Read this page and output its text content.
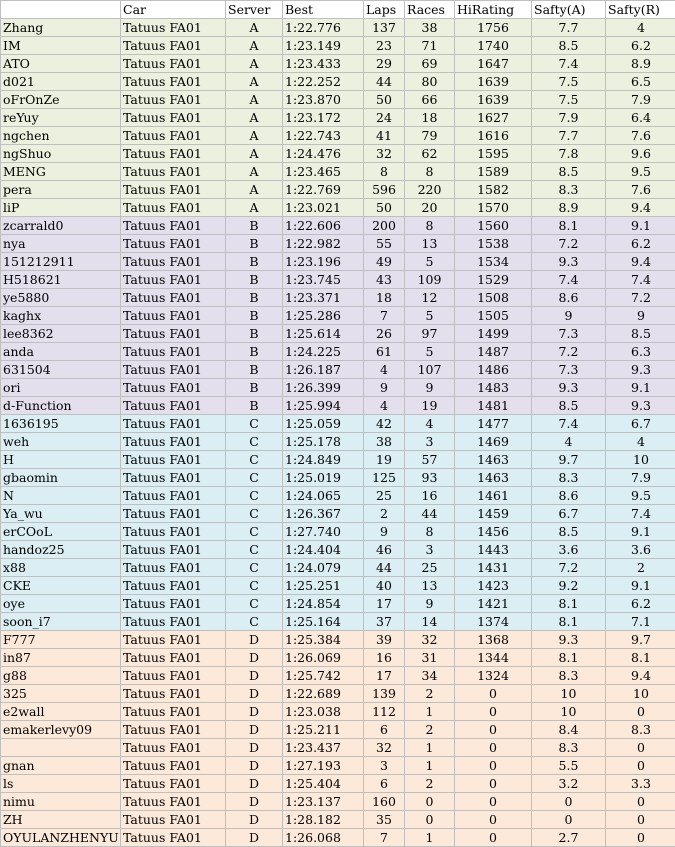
	Car	Server	Best	Laps	Races	HiRating	Safty(A)	Safty(R)
Zhang	Tatuus FA01	A	1:22.776	137	38	1756	7.7	4
IM	Tatuus FA01	A	1:23.149	23	71	1740	8.5	6.2
ATO	Tatuus FA01	A	1:23.433	29	69	1647	7.4	8.9
d021	Tatuus FA01	A	1:22.252	44	80	1639	7.5	6.5
oFrOnZe	Tatuus FA01	A	1:23.870	50	66	1639	7.5	7.9
reYuy	Tatuus FA01	A	1:23.172	24	18	1627	7.9	6.4
ngchen	Tatuus FA01	A	1:22.743	41	79	1616	7.7	7.6
ngShuo	Tatuus FA01	A	1:24.476	32	62	1595	7.8	9.6
MENG	Tatuus FA01	A	1:23.465	8	8	1589	8.5	9.5
pera	Tatuus FA01	A	1:22.769	596	220	1582	8.3	7.6
liP	Tatuus FA01	A	1:23.021	50	20	1570	8.9	9.4
zcarrald0	Tatuus FA01	B	1:22.606	200	8	1560	8.1	9.1
nya	Tatuus FA01	B	1:22.982	55	13	1538	7.2	6.2
151212911	Tatuus FA01	B	1:23.196	49	5	1534	9.3	9.4
H518621	Tatuus FA01	B	1:23.745	43	109	1529	7.4	7.4
ye5880	Tatuus FA01	B	1:23.371	18	12	1508	8.6	7.2
kaghx	Tatuus FA01	B	1:25.286	7	5	1505	9	9
lee8362	Tatuus FA01	B	1:25.614	26	97	1499	7.3	8.5
anda	Tatuus FA01	B	1:24.225	61	5	1487	7.2	6.3
631504	Tatuus FA01	B	1:26.187	4	107	1486	7.3	9.3
ori	Tatuus FA01	B	1:26.399	9	9	1483	9.3	9.1
d-Function	Tatuus FA01	B	1:25.994	4	19	1481	8.5	9.3
1636195	Tatuus FA01	C	1:25.059	42	4	1477	7.4	6.7
weh	Tatuus FA01	C	1:25.178	38	3	1469	4	4
H	Tatuus FA01	C	1:24.849	19	57	1463	9.7	10
gbaomin	Tatuus FA01	C	1:25.019	125	93	1463	8.3	7.9
N	Tatuus FA01	C	1:24.065	25	16	1461	8.6	9.5
Ya_wu	Tatuus FA01	C	1:26.367	2	44	1459	6.7	7.4
erCOoL	Tatuus FA01	C	1:27.740	9	8	1456	8.5	9.1
handoz25	Tatuus FA01	C	1:24.404	46	3	1443	3.6	3.6
x88	Tatuus FA01	C	1:24.079	44	25	1431	7.2	2
CKE	Tatuus FA01	C	1:25.251	40	13	1423	9.2	9.1
oye	Tatuus FA01	C	1:24.854	17	9	1421	8.1	6.2
soon_i7	Tatuus FA01	C	1:25.164	37	14	1374	8.1	7.1
F777	Tatuus FA01	D	1:25.384	39	32	1368	9.3	9.7
in87	Tatuus FA01	D	1:26.069	16	31	1344	8.1	8.1
g88	Tatuus FA01	D	1:25.742	17	34	1324	8.3	9.4
325	Tatuus FA01	D	1:22.689	139	2	0	10	10
e2wall	Tatuus FA01	D	1:23.038	112	1	0	10	0
emakerlevy09	Tatuus FA01	D	1:25.211	6	2	0	8.4	8.3
	Tatuus FA01	D	1:23.437	32	1	0	8.3	0
gnan	Tatuus FA01	D	1:27.193	3	1	0	5.5	0
ls	Tatuus FA01	D	1:25.404	6	2	0	3.2	3.3
nimu	Tatuus FA01	D	1:23.137	160	0	0	0	0
ZH	Tatuus FA01	D	1:28.182	35	0	0	0	0
OYULANZHENYU	Tatuus FA01	D	1:26.068	7	1	0	2.7	0
